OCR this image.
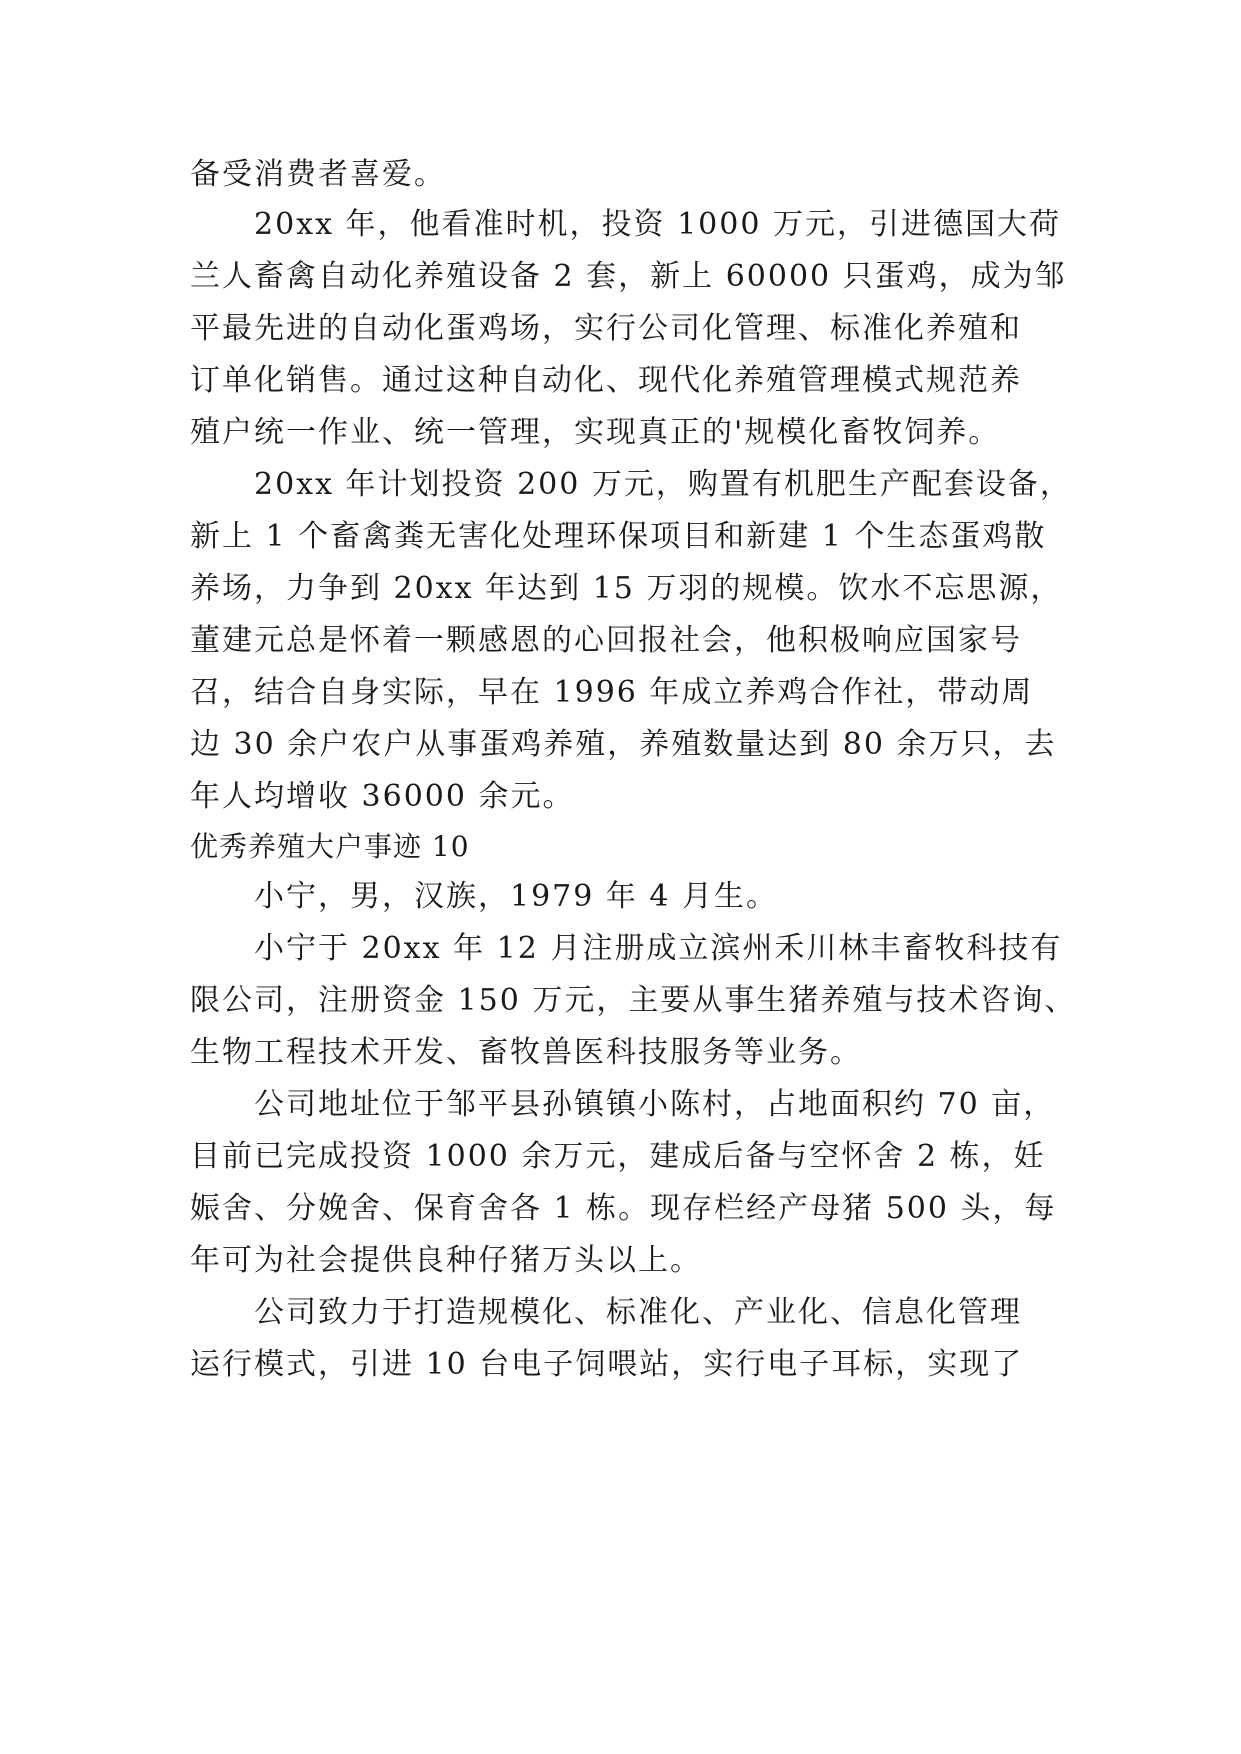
备受消费者喜爱。
20xx 年，他看准时机，投资 1000 万元，引进德国大荷
兰人畜禽自动化养殖设备 2 套，新上 60000 只蛋鸡，成为邹
平最先进的自动化蛋鸡场，实行公司化管理、标准化养殖和
订单化销售。通过这种自动化、现代化养殖管理模式规范养
殖户统一作业、统一管理，实现真正的'规模化畜牧饲养。
20xx 年计划投资 200 万元，购置有机肥生产配套设备，
新上 1 个畜禽粪无害化处理环保项目和新建 1 个生态蛋鸡散
养场，力争到 20xx 年达到 15 万羽的规模。饮水不忘思源，
董建元总是怀着一颗感恩的心回报社会，他积极响应国家号
召，结合自身实际，早在 1996 年成立养鸡合作社，带动周
边 30 余户农户从事蛋鸡养殖，养殖数量达到 80 余万只，去
年人均增收 36000 余元。
优秀养殖大户事迹 10
小宁，男，汉族，1979 年 4 月生。
小宁于 20xx 年 12 月注册成立滨州禾川林丰畜牧科技有
限公司，注册资金 150 万元，主要从事生猪养殖与技术咨询、
生物工程技术开发、畜牧兽医科技服务等业务。
公司地址位于邹平县孙镇镇小陈村，占地面积约 70 亩，
目前已完成投资 1000 余万元，建成后备与空怀舍 2 栋，妊
娠舍、分娩舍、保育舍各 1 栋。现存栏经产母猪 500 头，每
年可为社会提供良种仔猪万头以上。
公司致力于打造规模化、标准化、产业化、信息化管理
运行模式，引进 10 台电子饲喂站，实行电子耳标，实现了
